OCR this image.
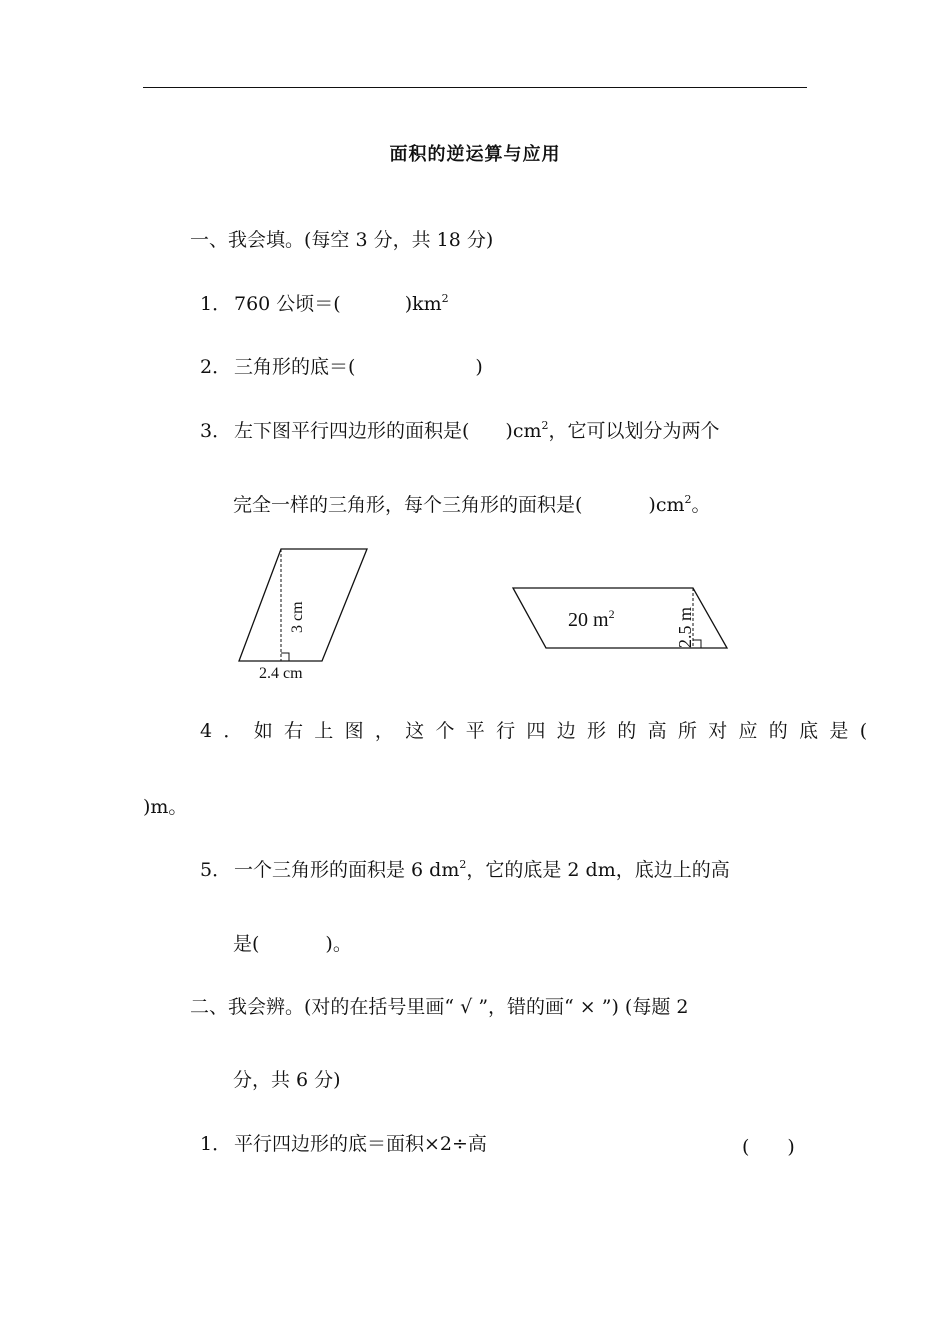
面积的逆运算与应用
一、我会填。(每空 3 分，共 18 分)
1． 760 公顷＝(	)$km^2$
2． 三角形的底＝(	)
3． 左下图平行四边形的面积是( )$cm^2$，它可以划分为两个
完全一样的三角形，每个三角形的面积是(	)$cm^2$。
3 cm
2.4 cm
20 $m^2$	2.5 m
4．如右上图，这个平行四边形的高所对应的底是(
)m。
5． 一个三角形的面积是 6 $dm^2$，它的底是 2 dm，底边上的高
是(	)。
二、我会辨。(对的在括号里画“ √ ”，错的画“ × ”) (每题 2
分，共 6 分)
1． 平行四边形的底＝面积×2÷高	(　　)
